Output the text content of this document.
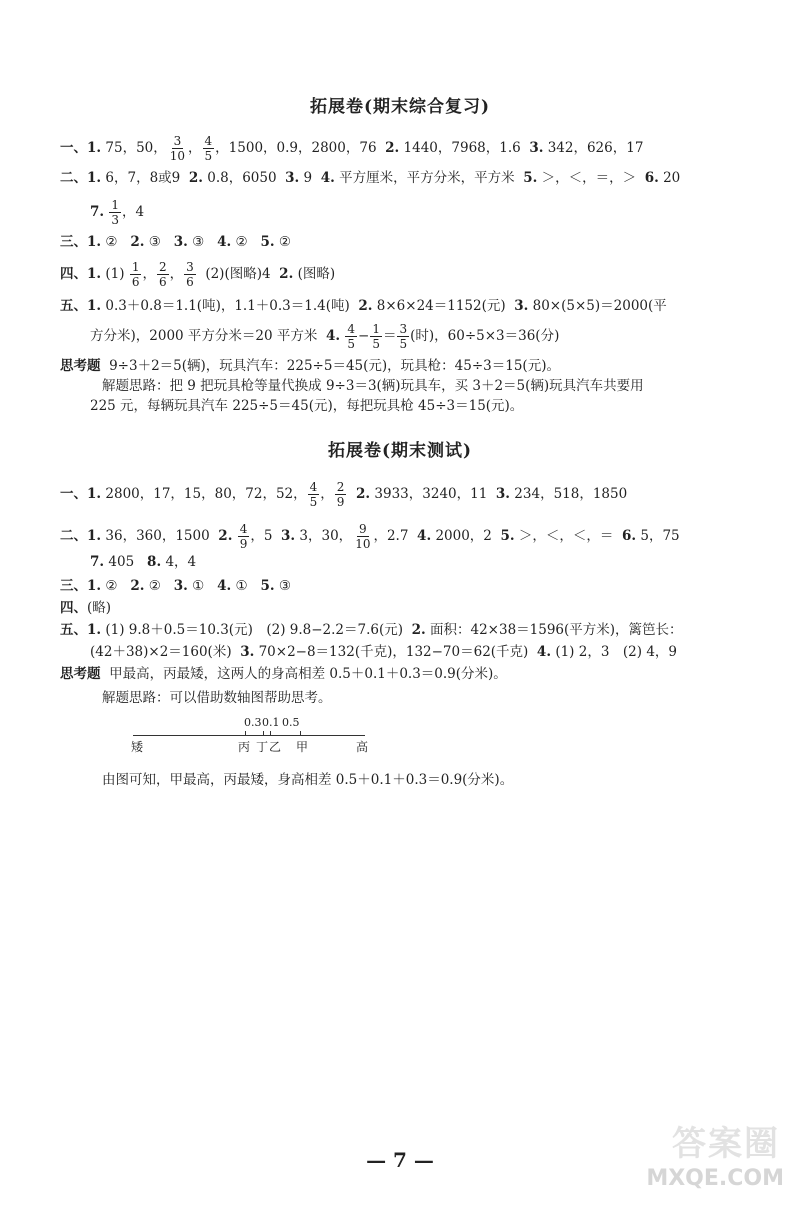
拓展卷(期末综合复习)
一、1. 75，50， $\frac{3}{10}$ ， $\frac{4}{5}$ ，1500，0.9，2800，76 2. 1440，7968，1.6 3. 342，626，17
二、1. 6，7，8或9 2. 0.8，6050 3. 9 4. 平方厘米，平方分米，平方米 5. ＞，＜，＝，＞ 6. 20
7. $\frac{1}{3}$ ，4
三、1. ② 2. ③ 3. ③ 4. ② 5. ②
四、1. $(1) \frac{1}{6}$ ， $\frac{2}{6}$ ， $\frac{3}{6} (2)$(图略)4 2. (图略)
五、1. 0.3＋0.8＝1.1(吨)，1.1＋0.3＝1.4(吨) 2. 8×6×24＝1152(元) 3. 80×(5×5)＝2000(平
方分米)，2000 平方分米＝20 平方米 4. $\frac{4}{5} - \frac{1}{5} = \frac{3}{5}$ (时)，60÷5×3＝36(分)
思考题 9÷3＋2＝5(辆)，玩具汽车：225÷5＝45(元)，玩具枪：45÷3＝15(元)。
解题思路：把 9 把玩具枪等量代换成 9÷3＝3(辆)玩具车，买 3＋2＝5(辆)玩具汽车共要用
225 元，每辆玩具汽车 225÷5＝45(元)，每把玩具枪 45÷3＝15(元)。
拓展卷(期末测试)
一、1. 2800，17，15，80，72，52， $\frac{4}{5}$ ， $\frac{2}{9} 2$. 3933，3240，11 3. 234，518，1850
二、1. 36，360，1500 2. $\frac{4}{9}$ ，5 3. 3，30， $\frac{9}{10}$ ，2.7 4. 2000，2 5. ＞，＜，＜，＝ 6. 5，75
7. 405 8. 4，4
三、1. ② 2. ② 3. ① 4. ① 5. ③
四、(略)
五、1. (1) 9.8＋0.5＝10.3(元)　(2) 9.8−2.2＝7.6(元) 2. 面积：42×38＝1596(平方米)，篱笆长：
(42＋38)×2＝160(米) 3. 70×2−8＝132(千克)，132−70＝62(千克) 4. (1) 2，3　(2) 4，9
思考题 甲最高，丙最矮，这两人的身高相差 0.5＋0.1＋0.3＝0.9(分米)。
解题思路：可以借助数轴图帮助思考。
0.3 0.1 0.5
矮	丙 丁 乙 甲	高
由图可知，甲最高，丙最矮，身高相差 0.5＋0.1＋0.3＝0.9(分米)。
— 7 —	答案圈
MXQE.COM
